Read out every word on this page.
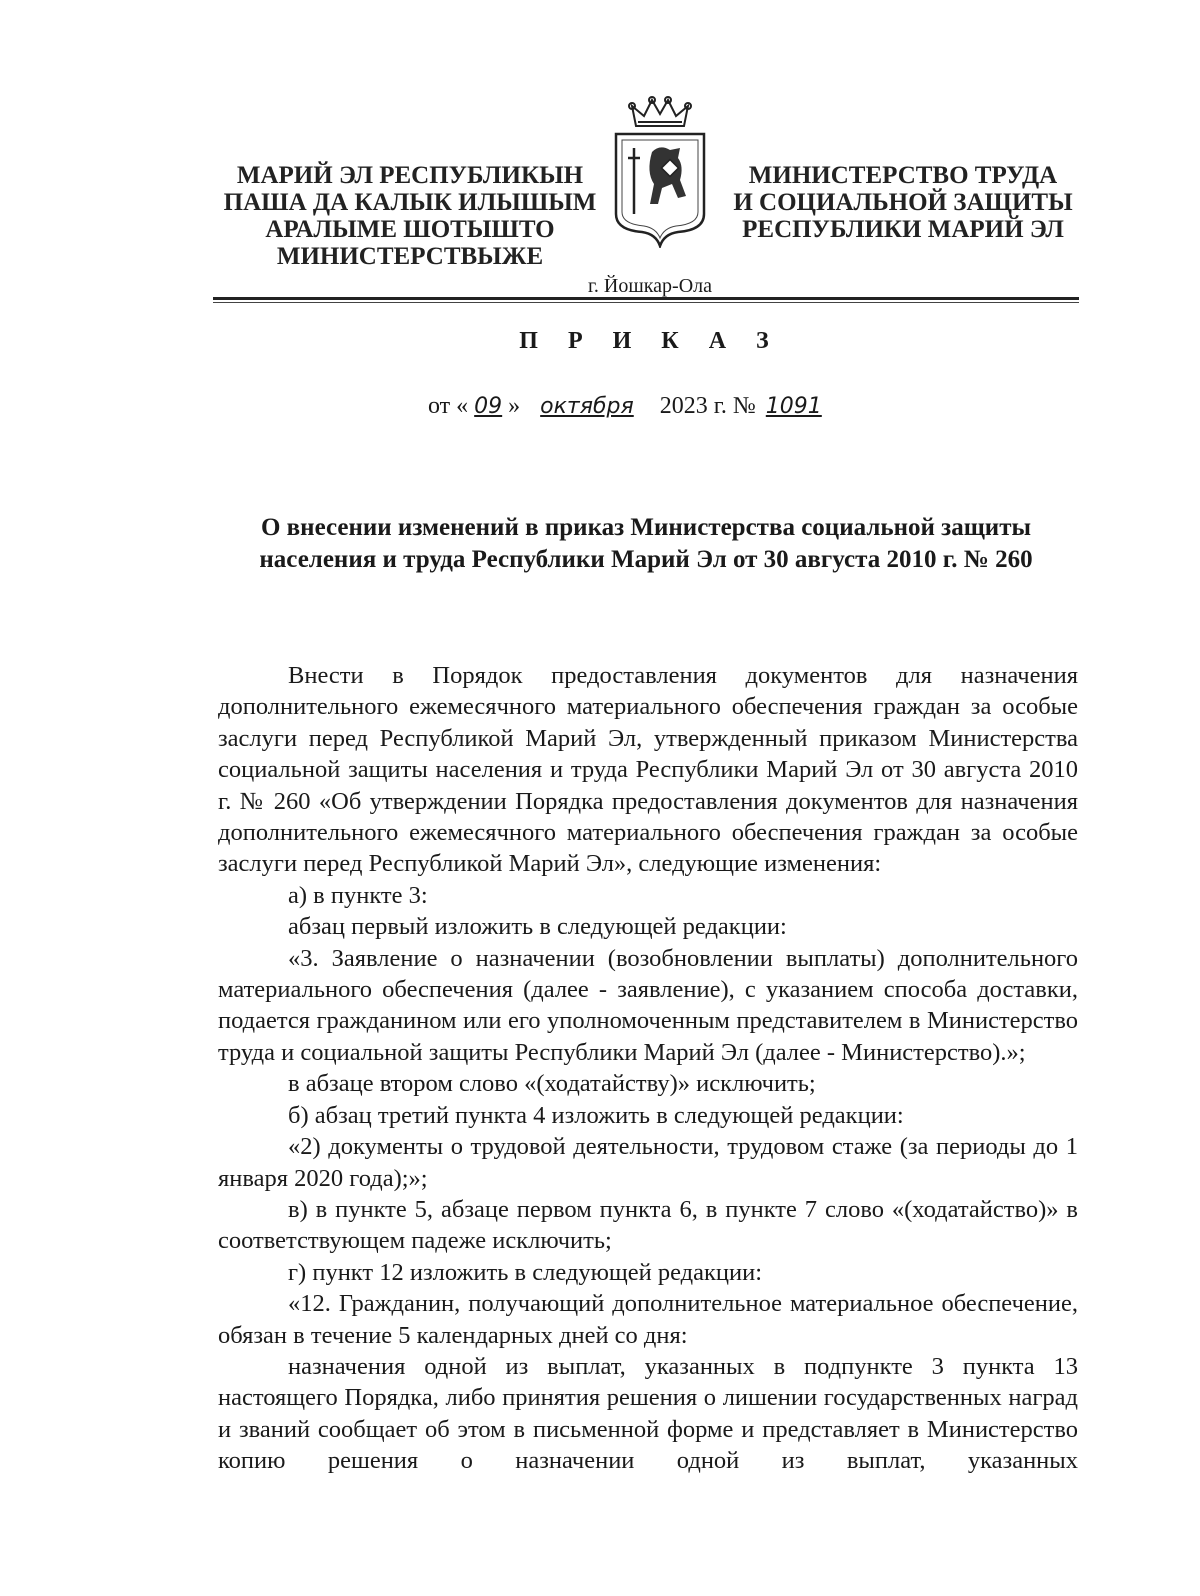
МАРИЙ ЭЛ РЕСПУБЛИКЫН
ПАША ДА КАЛЫК ИЛЫШЫМ
АРАЛЫМЕ ШОТЫШТО
МИНИСТЕРСТВЫЖЕ
МИНИСТЕРСТВО ТРУДА
И СОЦИАЛЬНОЙ ЗАЩИТЫ
РЕСПУБЛИКИ МАРИЙ ЭЛ
г. Йошкар-Ола
П Р И К А З
от « 09 » октября 2023 г. № 1091
О внесении изменений в приказ Министерства социальной защиты
населения и труда Республики Марий Эл от 30 августа 2010 г. № 260

Внести в Порядок предоставления документов для назначения дополнительного ежемесячного материального обеспечения граждан за особые заслуги перед Республикой Марий Эл, утвержденный приказом Министерства социальной защиты населения и труда Республики Марий Эл от 30 августа 2010 г. № 260 «Об утверждении Порядка предоставления документов для назначения дополнительного ежемесячного материального обеспечения граждан за особые заслуги перед Республикой Марий Эл», следующие изменения:

а) в пункте 3:

абзац первый изложить в следующей редакции:

«3. Заявление о назначении (возобновлении выплаты) дополнительного материального обеспечения (далее - заявление), с указанием способа доставки, подается гражданином или его уполномоченным представителем в Министерство труда и социальной защиты Республики Марий Эл (далее - Министерство).»;

в абзаце втором слово «(ходатайству)» исключить;

б) абзац третий пункта 4 изложить в следующей редакции:

«2) документы о трудовой деятельности, трудовом стаже (за периоды до 1 января 2020 года);»;

в) в пункте 5, абзаце первом пункта 6, в пункте 7 слово «(ходатайство)» в соответствующем падеже исключить;

г) пункт 12 изложить в следующей редакции:

«12. Гражданин, получающий дополнительное материальное обеспечение, обязан в течение 5 календарных дней со дня:

назначения одной из выплат, указанных в подпункте 3 пункта 13 настоящего Порядка, либо принятия решения о лишении государственных наград и званий сообщает об этом в письменной форме и представляет в Министерство копию решения о назначении одной из выплат, указанных
